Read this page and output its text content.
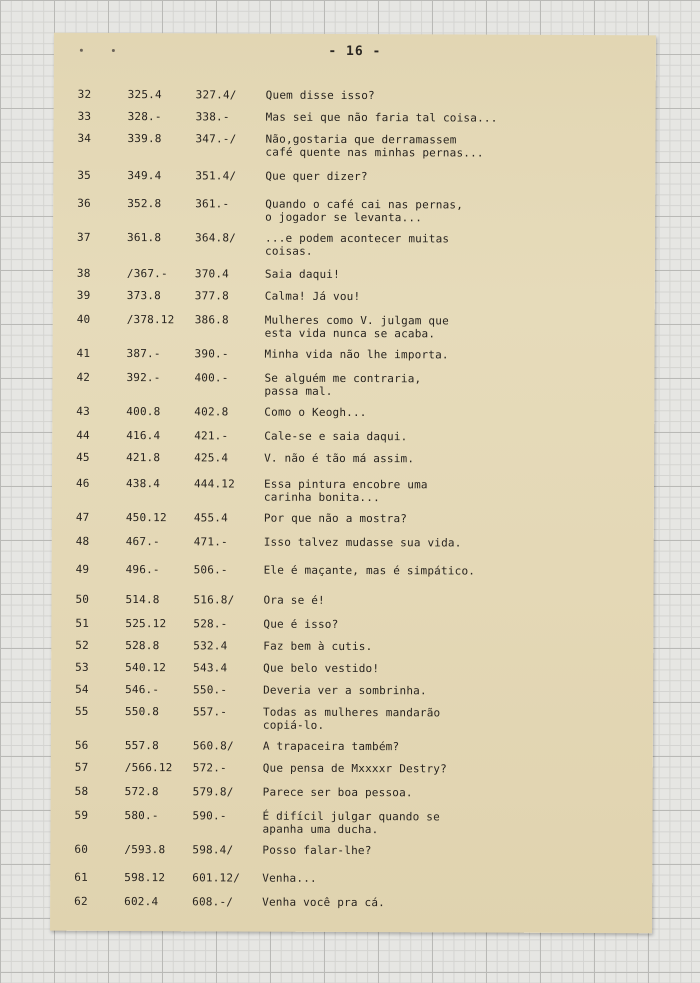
- 16 -
32	325.4	327.4/	Quem disse isso?
33	328.-	338.-	Mas sei que não faria tal coisa...
34	339.8	347.-/	Não,gostaria que derramassem
café quente nas minhas pernas...
35	349.4	351.4/	Que quer dizer?
36	352.8	361.-	Quando o café cai nas pernas,
o jogador se levanta...
37	361.8	364.8/	...e podem acontecer muitas
coisas.
38	/367.- 370.4	Saia daqui!
39	373.8	377.8	Calma! Já vou!
40	/378.12 386.8	Mulheres como V. julgam que
esta vida nunca se acaba.
41	387.-	390.-	Minha vida não lhe importa.
42	392.-	400.-	Se alguém me contraria,
passa mal.
43	400.8	402.8	Como o Keogh...
44	416.4	421.-	Cale-se e saia daqui.
45	421.8	425.4	V. não é tão má assim.
46	438.4	444.12	Essa pintura encobre uma
carinha bonita...
47	450.12 455.4	Por que não a mostra?
48	467.-	471.-	Isso talvez mudasse sua vida.
49	496.-	506.-	Ele é maçante, mas é simpático.
50	514.8	516.8/	Ora se é!
51	525.12 528.-	Que é isso?
52	528.8	532.4	Faz bem à cutis.
53	540.12 543.4	Que belo vestido!
54	546.-	550.-	Deveria ver a sombrinha.
55	550.8	557.-	Todas as mulheres mandarão
copiá-lo.
56	557.8	560.8/	A trapaceira também?
57	/566.12 572.-	Que pensa de Mxxxxr Destry?
58	572.8	579.8/	Parece ser boa pessoa.
59	580.-	590.-	É difícil julgar quando se
apanha uma ducha.
60	/593.8 598.4/	Posso falar-lhe?
61	598.12 601.12/ Venha...
62	602.4	608.-/	Venha você pra cá.
